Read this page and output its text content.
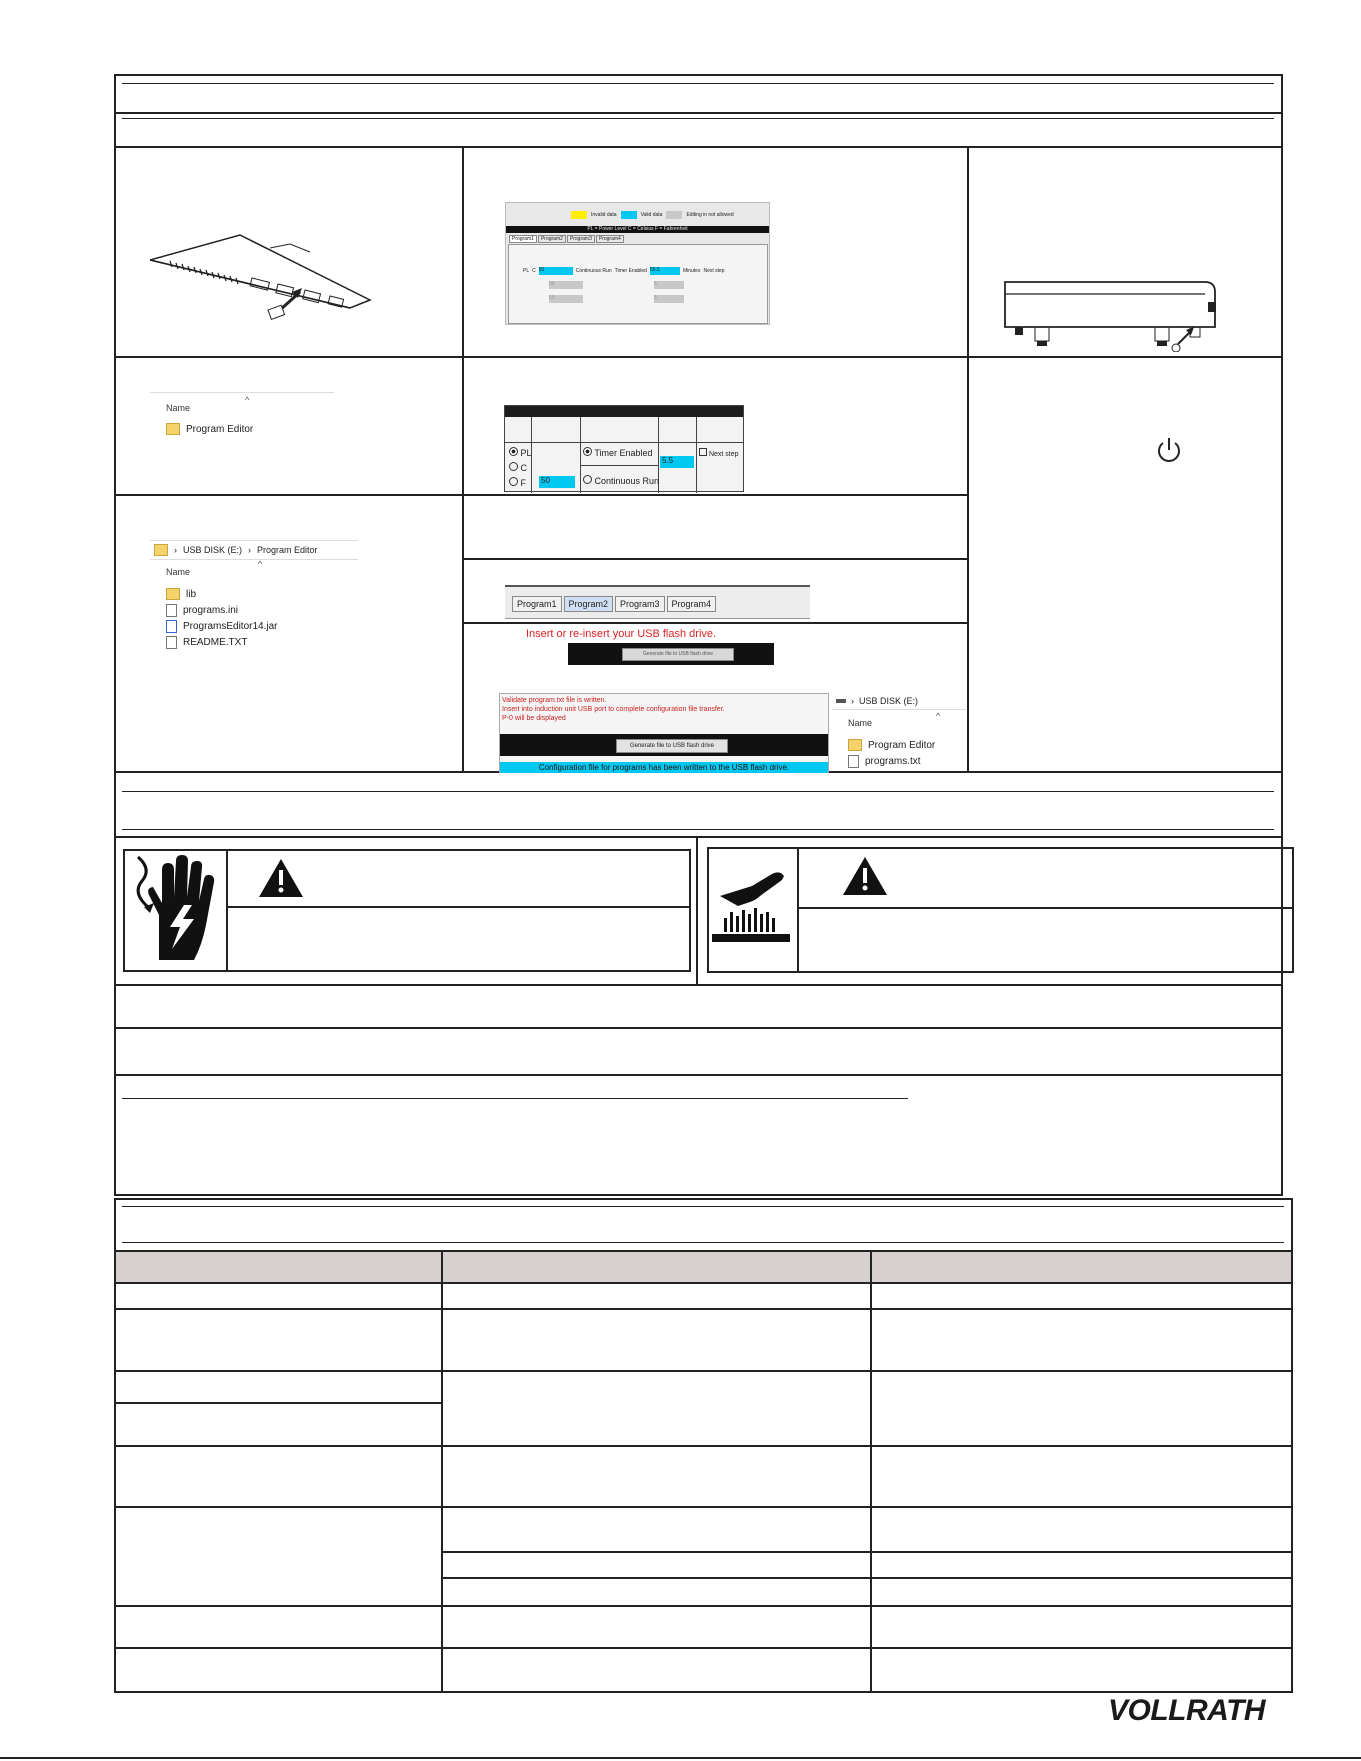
Invalid data	Valid data	Editing in not allowed
PL = Power Level C = Celsius F = Fahrenheit
Program1	Program2	Program3	Program4
PL C 50	Continuous Run Timer Enabled 55.5	Minutes Next step
50	5
50	5
^
Name
Program Editor
PL
C
F	50
Timer Enabled
Continuous Run
5.5
Next step
› USB DISK (E:) › Program Editor
^
Name
lib
programs.ini
ProgramsEditor14.jar
README.TXT
Program1	Program2	Program3	Program4
Insert or re-insert your USB flash drive.
Generate file to USB flash drive
Validate program.txt file is written.
Insert into induction unit USB port to complete configuration file transfer.
P-0 will be displayed
Generate file to USB flash drive
Configuration file for programs has been written to the USB flash drive.
› USB DISK (E:)
^
Name
Program Editor
programs.txt
VOLLRATH
